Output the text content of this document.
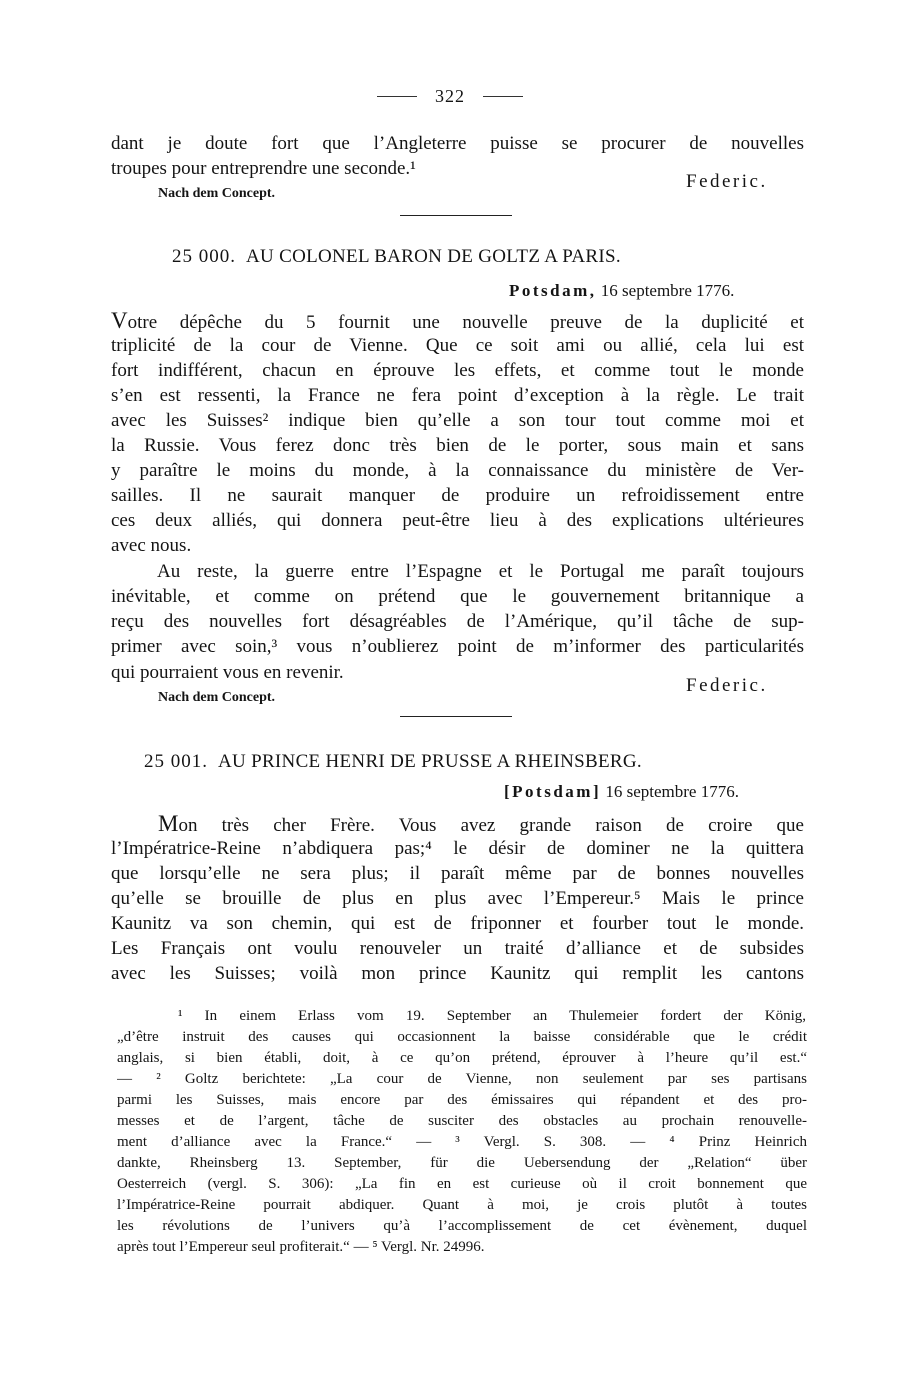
322
dant je doute fort que l’Angleterre puisse se procurer de nouvelles
troupes pour entreprendre une seconde.¹
Federic.
Nach dem Concept.
25 000. AU COLONEL BARON DE GOLTZ A PARIS.
Potsdam, 16 septembre 1776.
Votre dépêche du 5 fournit une nouvelle preuve de la duplicité et
triplicité de la cour de Vienne. Que ce soit ami ou allié, cela lui est
fort indifférent, chacun en éprouve les effets, et comme tout le monde
s’en est ressenti, la France ne fera point d’exception à la règle. Le trait
avec les Suisses² indique bien qu’elle a son tour tout comme moi et
la Russie. Vous ferez donc très bien de le porter, sous main et sans
y paraître le moins du monde, à la connaissance du ministère de Ver-
sailles. Il ne saurait manquer de produire un refroidissement entre
ces deux alliés, qui donnera peut-être lieu à des explications ultérieures
avec nous.
Au reste, la guerre entre l’Espagne et le Portugal me paraît toujours
inévitable, et comme on prétend que le gouvernement britannique a
reçu des nouvelles fort désagréables de l’Amérique, qu’il tâche de sup-
primer avec soin,³ vous n’oublierez point de m’informer des particularités
qui pourraient vous en revenir.
Federic.
Nach dem Concept.
25 001. AU PRINCE HENRI DE PRUSSE A RHEINSBERG.
[Potsdam] 16 septembre 1776.
Mon très cher Frère. Vous avez grande raison de croire que
l’Impératrice-Reine n’abdiquera pas;⁴ le désir de dominer ne la quittera
que lorsqu’elle ne sera plus; il paraît même par de bonnes nouvelles
qu’elle se brouille de plus en plus avec l’Empereur.⁵ Mais le prince
Kaunitz va son chemin, qui est de friponner et fourber tout le monde.
Les Français ont voulu renouveler un traité d’alliance et de subsides
avec les Suisses; voilà mon prince Kaunitz qui remplit les cantons
¹ In einem Erlass vom 19. September an Thulemeier fordert der König,
„d’être instruit des causes qui occasionnent la baisse considérable que le crédit
anglais, si bien établi, doit, à ce qu’on prétend, éprouver à l’heure qu’il est.“
— ² Goltz berichtete: „La cour de Vienne, non seulement par ses partisans
parmi les Suisses, mais encore par des émissaires qui répandent et des pro-
messes et de l’argent, tâche de susciter des obstacles au prochain renouvelle-
ment d’alliance avec la France.“ — ³ Vergl. S. 308. — ⁴ Prinz Heinrich
dankte, Rheinsberg 13. September, für die Uebersendung der „Relation“ über
Oesterreich (vergl. S. 306): „La fin en est curieuse où il croit bonnement que
l’Impératrice-Reine pourrait abdiquer. Quant à moi, je crois plutôt à toutes
les révolutions de l’univers qu’à l’accomplissement de cet évènement, duquel
après tout l’Empereur seul profiterait.“ — ⁵ Vergl. Nr. 24996.
